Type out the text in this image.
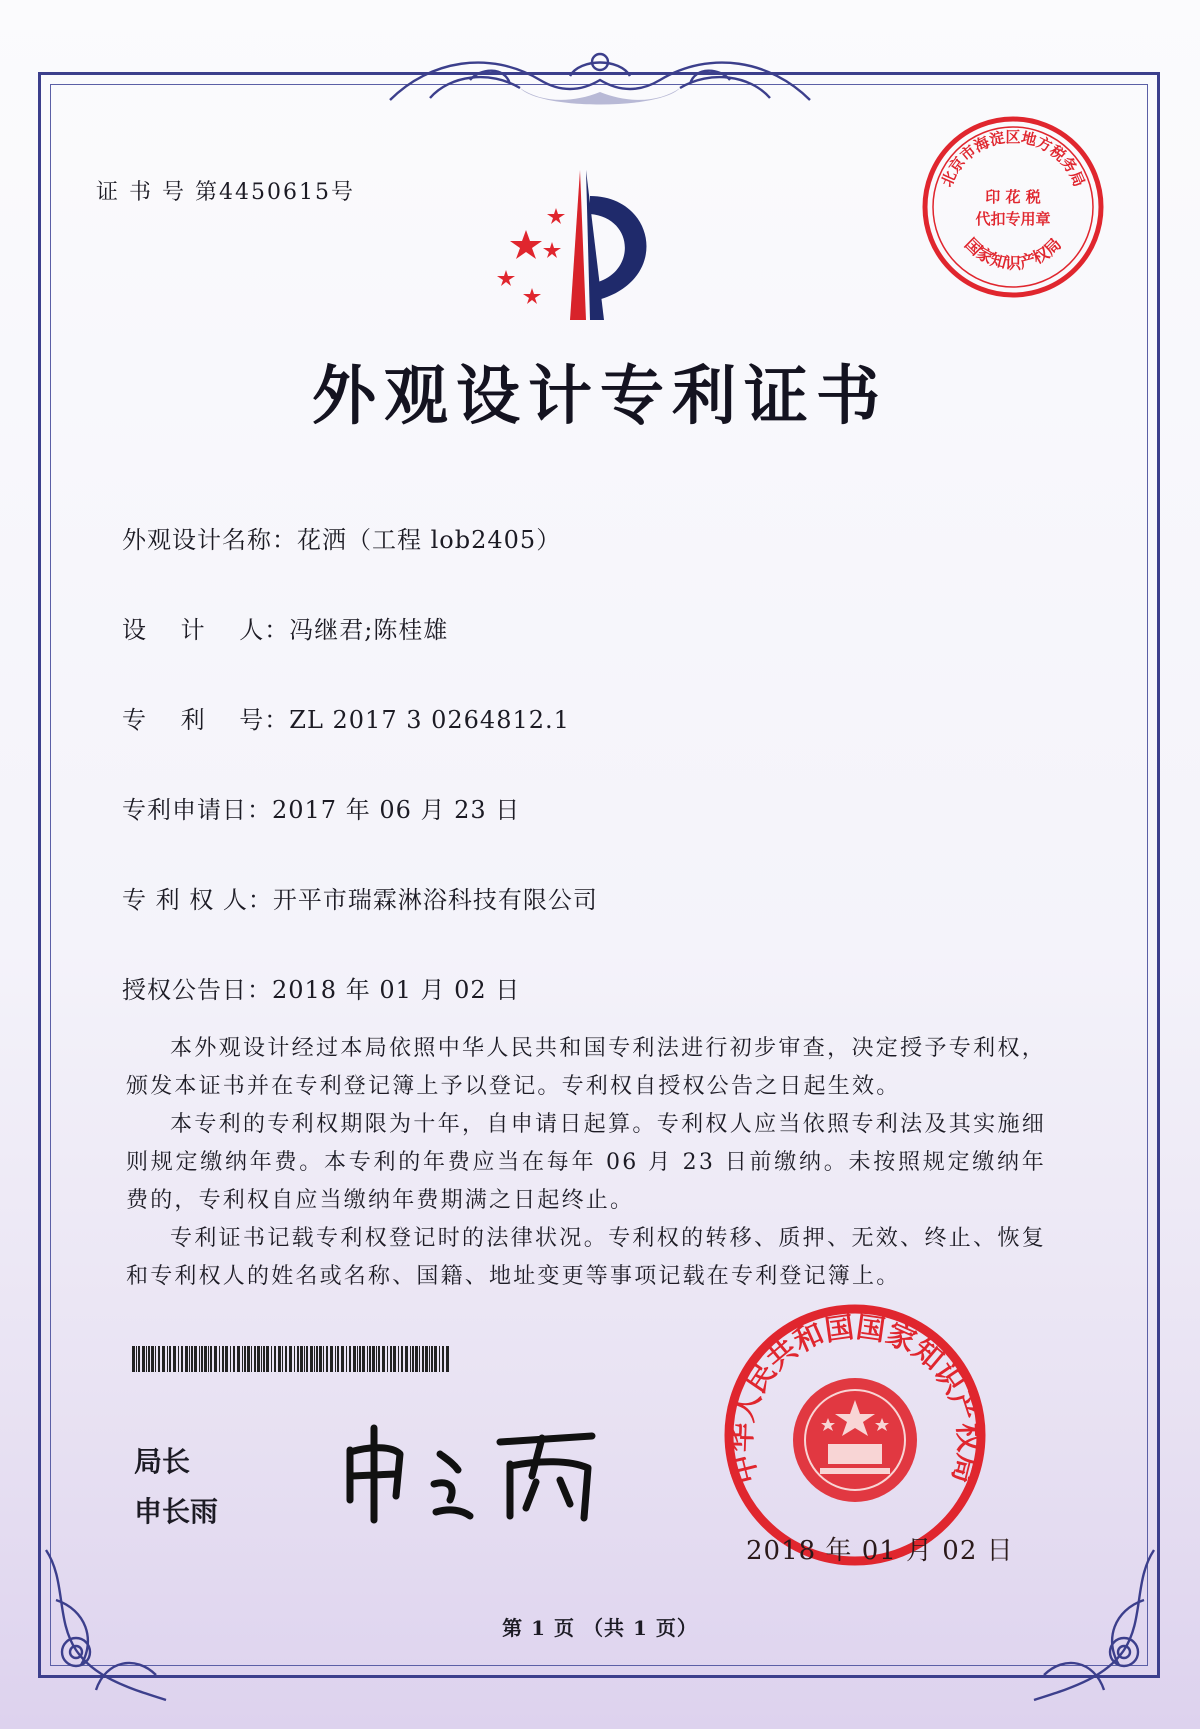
证 书 号 第4450615号
北京市海淀区地方税务局
印 花 税
代扣专用章
国家知识产权局
外观设计专利证书
外观设计名称：花洒（工程 lob2405）
设　 计　 人：冯继君;陈桂雄
专　 利　 号：ZL 2017 3 0264812.1
专利申请日：2017 年 06 月 23 日
专 利 权 人：开平市瑞霖淋浴科技有限公司
授权公告日：2018 年 01 月 02 日

本外观设计经过本局依照中华人民共和国专利法进行初步审查，决定授予专利权，颁发本证书并在专利登记簿上予以登记。专利权自授权公告之日起生效。

本专利的专利权期限为十年，自申请日起算。专利权人应当依照专利法及其实施细则规定缴纳年费。本专利的年费应当在每年 06 月 23 日前缴纳。未按照规定缴纳年费的，专利权自应当缴纳年费期满之日起终止。

专利证书记载专利权登记时的法律状况。专利权的转移、质押、无效、终止、恢复和专利权人的姓名或名称、国籍、地址变更等事项记载在专利登记簿上。

局长
申长雨
中华人民共和国国家知识产权局
2018 年 01 月 02 日
第 1 页 （共 1 页）
